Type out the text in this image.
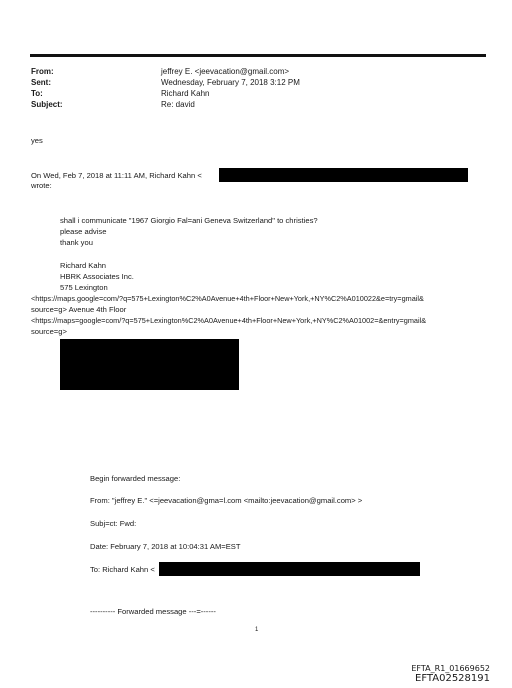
From:	jeffrey E. <jeevacation@gmail.com>
Sent:	Wednesday, February 7, 2018 3:12 PM
To:	Richard Kahn
Subject:	Re: david
yes
On Wed, Feb 7, 2018 at 11:11 AM, Richard Kahn <
wrote:
shall i communicate "1967 Giorgio Fal=ani Geneva Switzerland" to christies?
please advise
thank you
Richard Kahn
HBRK Associates Inc.
575 Lexington
<https://maps.google=com/?q=575+Lexington%C2%A0Avenue+4th+Floor+New+York,+NY%C2%A010022&e=try=gmail&
source=g> Avenue 4th Floor
<https://maps=google=com/?q=575+Lexington%C2%A0Avenue+4th+Floor+New+York,+NY%C2%A01002=&entry=gmail&
source=g>
Begin forwarded message:
From: "jeffrey E." <=jeevacation@gma=l.com <mailto:jeevacation@gmail.com> >
Subj=ct: Fwd:
Date: February 7, 2018 at 10:04:31 AM=EST
To: Richard Kahn <
---------- Forwarded message ---=------
1
EFTA_R1_01669652
EFTA02528191
